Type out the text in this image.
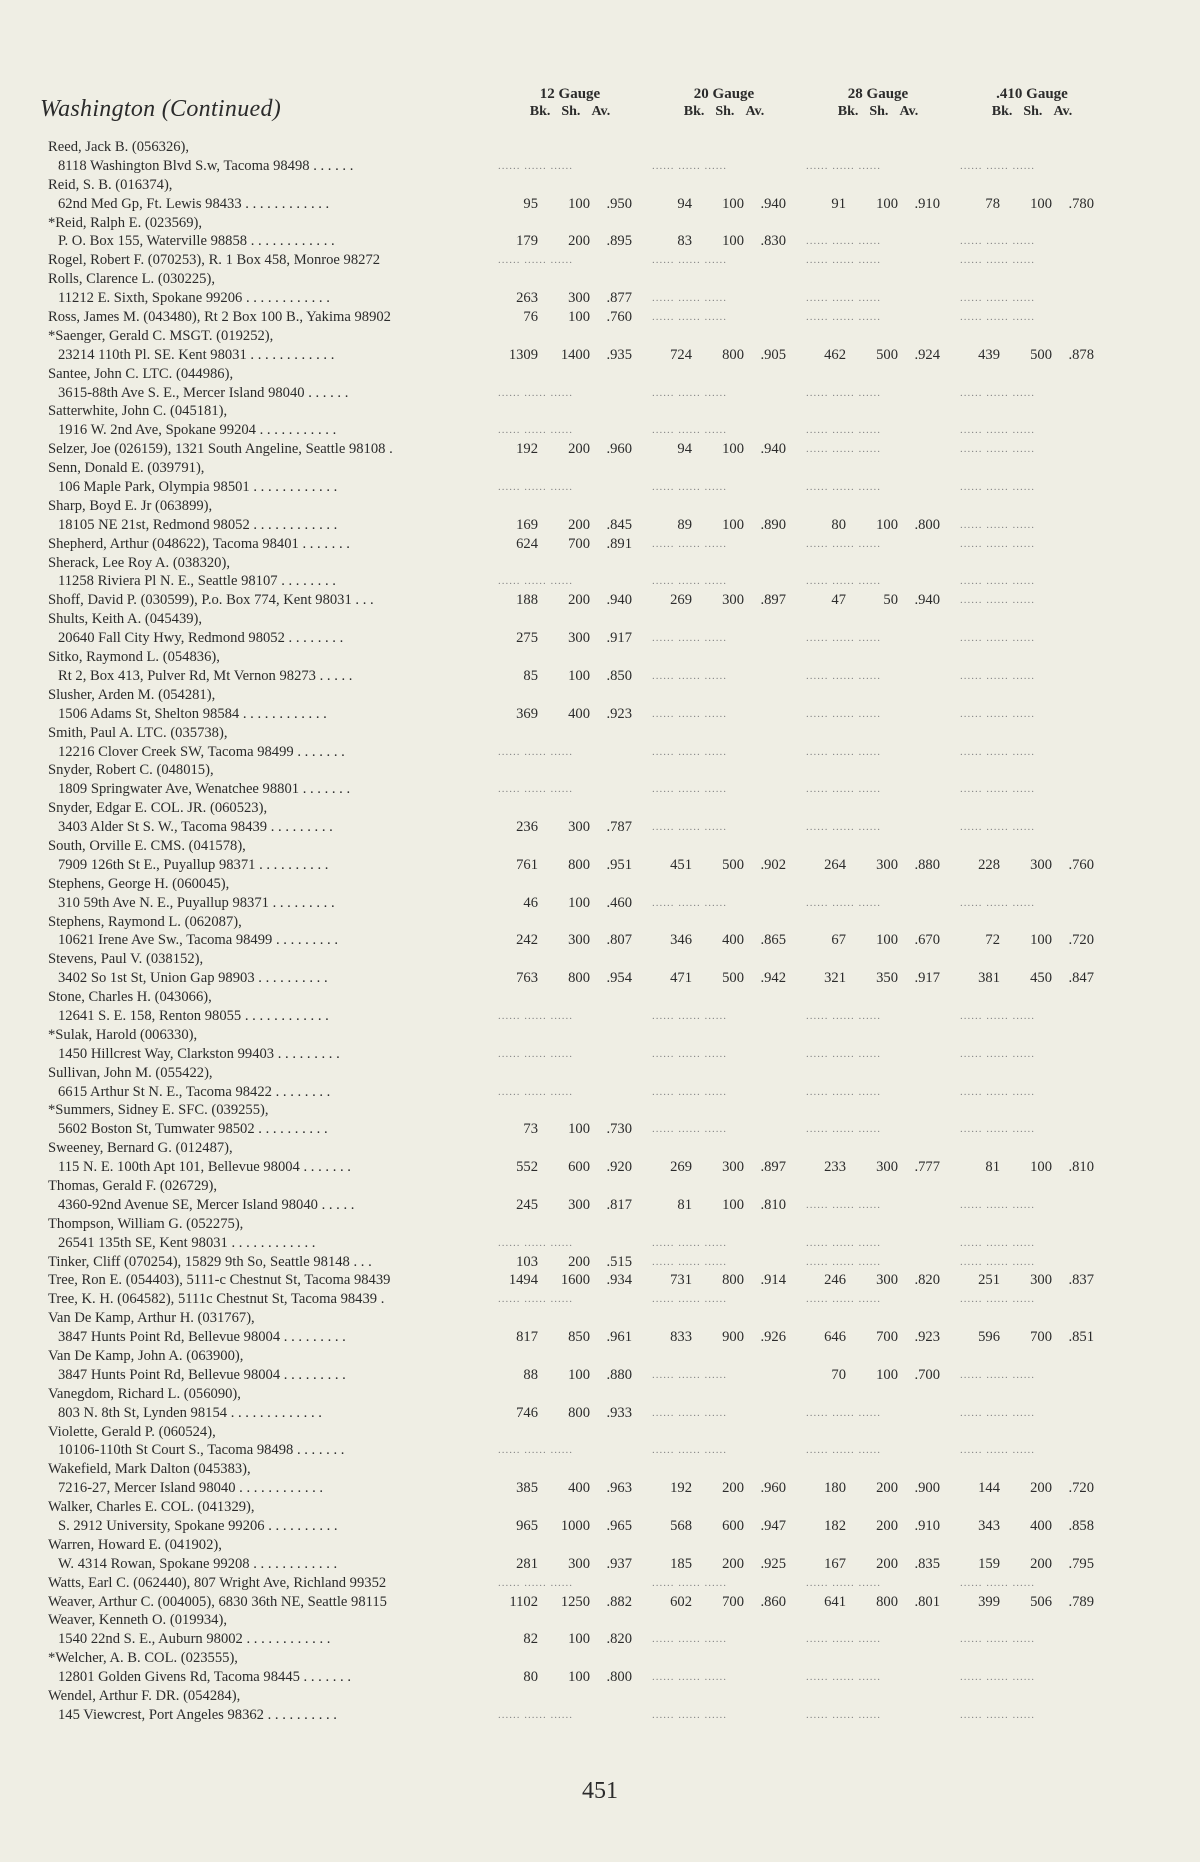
Washington (Continued)
12 Gauge
Bk. Sh. Av.
20 Gauge
Bk. Sh. Av.
28 Gauge
Bk. Sh. Av.
.410 Gauge
Bk. Sh. Av.
Reed, Jack B. (056326),
8118 Washington Blvd S.w, Tacoma 98498 . . . . . .	...... ...... ......	...... ...... ......	...... ...... ......	...... ...... ......
Reid, S. B. (016374),
62nd Med Gp, Ft. Lewis 98433 . . . . . . . . . . . .	95	100	.950	94	100	.940	91	100	.910	78	100	.780
*Reid, Ralph E. (023569),
P. O. Box 155, Waterville 98858 . . . . . . . . . . . .	179	200	.895	83	100	.830 ...... ...... ......	...... ...... ......
Rogel, Robert F. (070253), R. 1 Box 458, Monroe 98272	...... ...... ......	...... ...... ......	...... ...... ......	...... ...... ......
Rolls, Clarence L. (030225),
11212 E. Sixth, Spokane 99206 . . . . . . . . . . . .	263	300	.877 ...... ...... ......	...... ...... ......	...... ...... ......
Ross, James M. (043480), Rt 2 Box 100 B., Yakima 98902	76	100	.760 ...... ...... ......	...... ...... ......	...... ...... ......
*Saenger, Gerald C. MSGT. (019252),
23214 110th Pl. SE. Kent 98031 . . . . . . . . . . . .	1309	1400	.935	724	800	.905	462	500	.924	439	500	.878
Santee, John C. LTC. (044986),
3615-88th Ave S. E., Mercer Island 98040 . . . . . .	...... ...... ......	...... ...... ......	...... ...... ......	...... ...... ......
Satterwhite, John C. (045181),
1916 W. 2nd Ave, Spokane 99204 . . . . . . . . . . .	...... ...... ......	...... ...... ......	...... ...... ......	...... ...... ......
Selzer, Joe (026159), 1321 South Angeline, Seattle 98108 .	192	200	.960	94	100	.940 ...... ...... ......	...... ...... ......
Senn, Donald E. (039791),
106 Maple Park, Olympia 98501 . . . . . . . . . . . .	...... ...... ......	...... ...... ......	...... ...... ......	...... ...... ......
Sharp, Boyd E. Jr (063899),
18105 NE 21st, Redmond 98052 . . . . . . . . . . . .	169	200	.845	89	100	.890	80	100	.800 ...... ...... ......
Shepherd, Arthur (048622), Tacoma 98401 . . . . . . .	624	700	.891 ...... ...... ......	...... ...... ......	...... ...... ......
Sherack, Lee Roy A. (038320),
11258 Riviera Pl N. E., Seattle 98107 . . . . . . . .	...... ...... ......	...... ...... ......	...... ...... ......	...... ...... ......
Shoff, David P. (030599), P.o. Box 774, Kent 98031 . . .	188	200	.940	269	300	.897	47	50	.940 ...... ...... ......
Shults, Keith A. (045439),
20640 Fall City Hwy, Redmond 98052 . . . . . . . .	275	300	.917 ...... ...... ......	...... ...... ......	...... ...... ......
Sitko, Raymond L. (054836),
Rt 2, Box 413, Pulver Rd, Mt Vernon 98273 . . . . .	85	100	.850 ...... ...... ......	...... ...... ......	...... ...... ......
Slusher, Arden M. (054281),
1506 Adams St, Shelton 98584 . . . . . . . . . . . .	369	400	.923 ...... ...... ......	...... ...... ......	...... ...... ......
Smith, Paul A. LTC. (035738),
12216 Clover Creek SW, Tacoma 98499 . . . . . . .	...... ...... ......	...... ...... ......	...... ...... ......	...... ...... ......
Snyder, Robert C. (048015),
1809 Springwater Ave, Wenatchee 98801 . . . . . . .	...... ...... ......	...... ...... ......	...... ...... ......	...... ...... ......
Snyder, Edgar E. COL. JR. (060523),
3403 Alder St S. W., Tacoma 98439 . . . . . . . . .	236	300	.787 ...... ...... ......	...... ...... ......	...... ...... ......
South, Orville E. CMS. (041578),
7909 126th St E., Puyallup 98371 . . . . . . . . . .	761	800	.951	451	500	.902	264	300	.880	228	300	.760
Stephens, George H. (060045),
310 59th Ave N. E., Puyallup 98371 . . . . . . . . .	46	100	.460 ...... ...... ......	...... ...... ......	...... ...... ......
Stephens, Raymond L. (062087),
10621 Irene Ave Sw., Tacoma 98499 . . . . . . . . .	242	300	.807	346	400	.865	67	100	.670	72	100	.720
Stevens, Paul V. (038152),
3402 So 1st St, Union Gap 98903 . . . . . . . . . .	763	800	.954	471	500	.942	321	350	.917	381	450	.847
Stone, Charles H. (043066),
12641 S. E. 158, Renton 98055 . . . . . . . . . . . .	...... ...... ......	...... ...... ......	...... ...... ......	...... ...... ......
*Sulak, Harold (006330),
1450 Hillcrest Way, Clarkston 99403 . . . . . . . . .	...... ...... ......	...... ...... ......	...... ...... ......	...... ...... ......
Sullivan, John M. (055422),
6615 Arthur St N. E., Tacoma 98422 . . . . . . . .	...... ...... ......	...... ...... ......	...... ...... ......	...... ...... ......
*Summers, Sidney E. SFC. (039255),
5602 Boston St, Tumwater 98502 . . . . . . . . . .	73	100	.730 ...... ...... ......	...... ...... ......	...... ...... ......
Sweeney, Bernard G. (012487),
115 N. E. 100th Apt 101, Bellevue 98004 . . . . . . .	552	600	.920	269	300	.897	233	300	.777	81	100	.810
Thomas, Gerald F. (026729),
4360-92nd Avenue SE, Mercer Island 98040 . . . . .	245	300	.817	81	100	.810 ...... ...... ......	...... ...... ......
Thompson, William G. (052275),
26541 135th SE, Kent 98031 . . . . . . . . . . . .	...... ...... ......	...... ...... ......	...... ...... ......	...... ...... ......
Tinker, Cliff (070254), 15829 9th So, Seattle 98148 . . .	103	200	.515 ...... ...... ......	...... ...... ......	...... ...... ......
Tree, Ron E. (054403), 5111-c Chestnut St, Tacoma 98439	1494	1600	.934	731	800	.914	246	300	.820	251	300	.837
Tree, K. H. (064582), 5111c Chestnut St, Tacoma 98439 .	...... ...... ......	...... ...... ......	...... ...... ......	...... ...... ......
Van De Kamp, Arthur H. (031767),
3847 Hunts Point Rd, Bellevue 98004 . . . . . . . . .	817	850	.961	833	900	.926	646	700	.923	596	700	.851
Van De Kamp, John A. (063900),
3847 Hunts Point Rd, Bellevue 98004 . . . . . . . . .	88	100	.880 ...... ...... ......	70	100	.700 ...... ...... ......
Vanegdom, Richard L. (056090),
803 N. 8th St, Lynden 98154 . . . . . . . . . . . . .	746	800	.933 ...... ...... ......	...... ...... ......	...... ...... ......
Violette, Gerald P. (060524),
10106-110th St Court S., Tacoma 98498 . . . . . . .	...... ...... ......	...... ...... ......	...... ...... ......	...... ...... ......
Wakefield, Mark Dalton (045383),
7216-27, Mercer Island 98040 . . . . . . . . . . . .	385	400	.963	192	200	.960	180	200	.900	144	200	.720
Walker, Charles E. COL. (041329),
S. 2912 University, Spokane 99206 . . . . . . . . . .	965	1000	.965	568	600	.947	182	200	.910	343	400	.858
Warren, Howard E. (041902),
W. 4314 Rowan, Spokane 99208 . . . . . . . . . . . .	281	300	.937	185	200	.925	167	200	.835	159	200	.795
Watts, Earl C. (062440), 807 Wright Ave, Richland 99352	...... ...... ......	...... ...... ......	...... ...... ......	...... ...... ......
Weaver, Arthur C. (004005), 6830 36th NE, Seattle 98115	1102	1250	.882	602	700	.860	641	800	.801	399	506	.789
Weaver, Kenneth O. (019934),
1540 22nd S. E., Auburn 98002 . . . . . . . . . . . .	82	100	.820 ...... ...... ......	...... ...... ......	...... ...... ......
*Welcher, A. B. COL. (023555),
12801 Golden Givens Rd, Tacoma 98445 . . . . . . .	80	100	.800 ...... ...... ......	...... ...... ......	...... ...... ......
Wendel, Arthur F. DR. (054284),
145 Viewcrest, Port Angeles 98362 . . . . . . . . . .	...... ...... ......	...... ...... ......	...... ...... ......	...... ...... ......
451
